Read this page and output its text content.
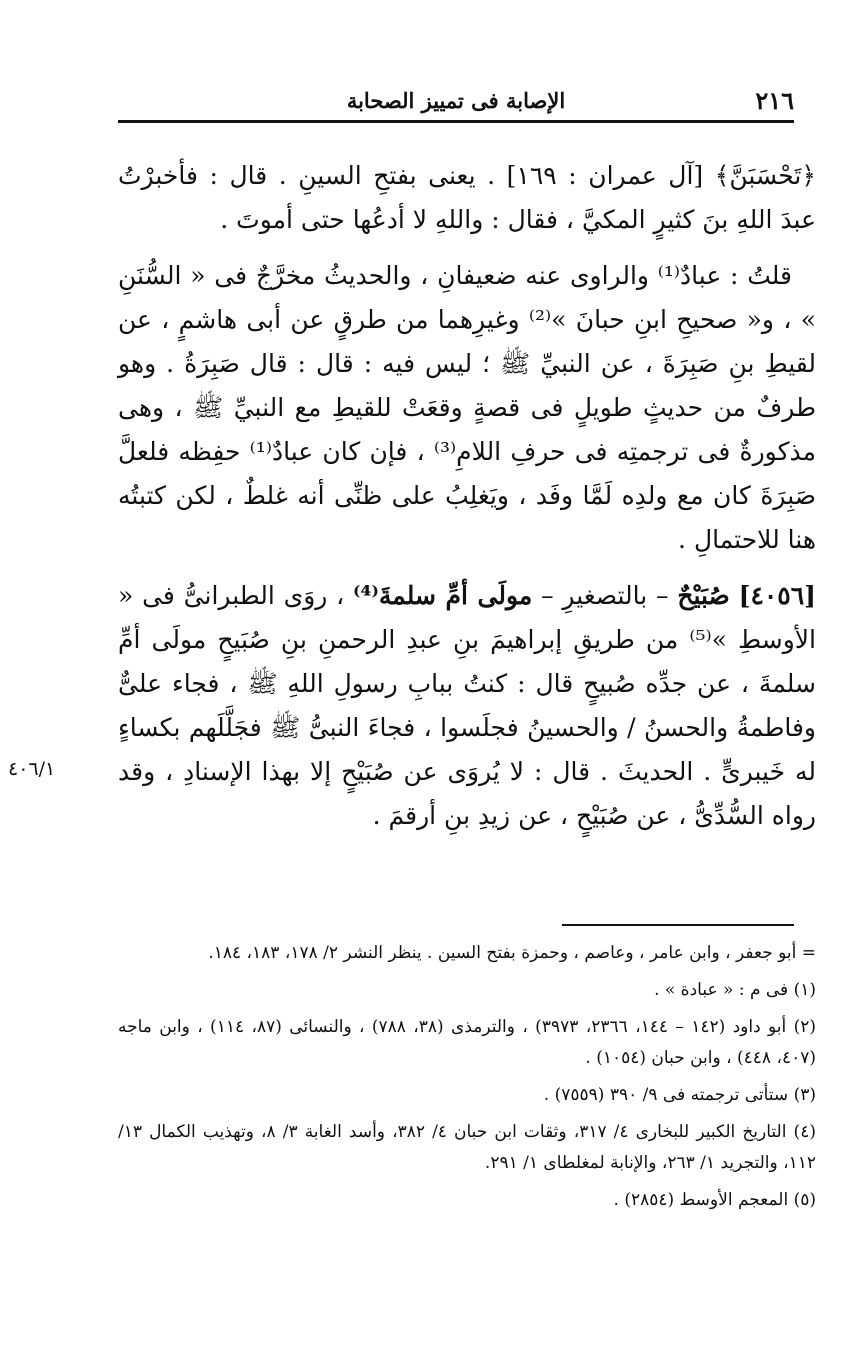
٢١٦
الإصابة فى تمييز الصحابة

﴿تَحْسَبَنَّ﴾ [آل عمران : ١٦٩] . يعنى بفتحِ السينِ . قال : فأخبرْتُ عبدَ اللهِ بنَ كثيرٍ المكيَّ ، فقال : واللهِ لا أدعُها حتى أموتَ .

قلتُ : عبادٌ⁽¹⁾ والراوى عنه ضعيفانِ ، والحديثُ مخرَّجٌ فى « السُّنَنِ » ، و« صحيحِ ابنِ حبانَ »⁽²⁾ وغيرِهما من طرقٍ عن أبى هاشمٍ ، عن لقيطِ بنِ صَبِرَةَ ، عن النبيِّ ﷺ ؛ ليس فيه : قال : قال صَبِرَةُ . وهو طرفٌ من حديثٍ طويلٍ فى قصةٍ وقعَتْ للقيطِ مع النبيِّ ﷺ ، وهى مذكورةٌ فى ترجمتِه فى حرفِ اللامِ⁽³⁾ ، فإن كان عبادٌ⁽¹⁾ حفِظه فلعلَّ صَبِرَةَ كان مع ولدِه لَمَّا وفَد ، ويَغلِبُ على ظنِّى أنه غلطٌ ، لكن كتبتُه هنا للاحتمالِ .

[٤٠٥٦] صُبَيْحٌ – بالتصغيرِ – مولَى أمِّ سلمةَ⁽⁴⁾ ، روَى الطبرانىُّ فى « الأوسطِ »⁽⁵⁾ من طريقِ إبراهيمَ بنِ عبدِ الرحمنِ بنِ صُبَيحٍ مولَى أمِّ سلمةَ ، عن جدِّه صُبيحٍ قال : كنتُ ببابِ رسولِ اللهِ ﷺ ، فجاء علىٌّ وفاطمةُ والحسنُ / والحسينُ فجلَسوا ، فجاءَ النبىُّ ﷺ فجَلَّلَهم بكساءٍ له خَيبرىٍّ . الحديثَ . قال : لا يُروَى عن صُبَيْحٍ إلا بهذا الإسنادِ ، وقد رواه السُّدِّىُّ ، عن صُبَيْحٍ ، عن زيدِ بنِ أرقمَ .

٤٠٦/١

= أبو جعفر ، وابن عامر ، وعاصم ، وحمزة بفتح السين . ينظر النشر ٢/ ١٧٨، ١٨٣، ١٨٤.

(١) فى م : « عبادة » .

(٢) أبو داود (١٤٢ – ١٤٤، ٢٣٦٦، ٣٩٧٣) ، والترمذى (٣٨، ٧٨٨) ، والنسائى (٨٧، ١١٤) ، وابن ماجه (٤٠٧، ٤٤٨) ، وابن حبان (١٠٥٤) .

(٣) ستأتى ترجمته فى ٩/ ٣٩٠ (٧٥٥٩) .

(٤) التاريخ الكبير للبخارى ٤/ ٣١٧، وثقات ابن حبان ٤/ ٣٨٢، وأسد الغابة ٣/ ٨، وتهذيب الكمال ١٣/ ١١٢، والتجريد ١/ ٢٦٣، والإنابة لمغلطاى ١/ ٢٩١.

(٥) المعجم الأوسط (٢٨٥٤) .
